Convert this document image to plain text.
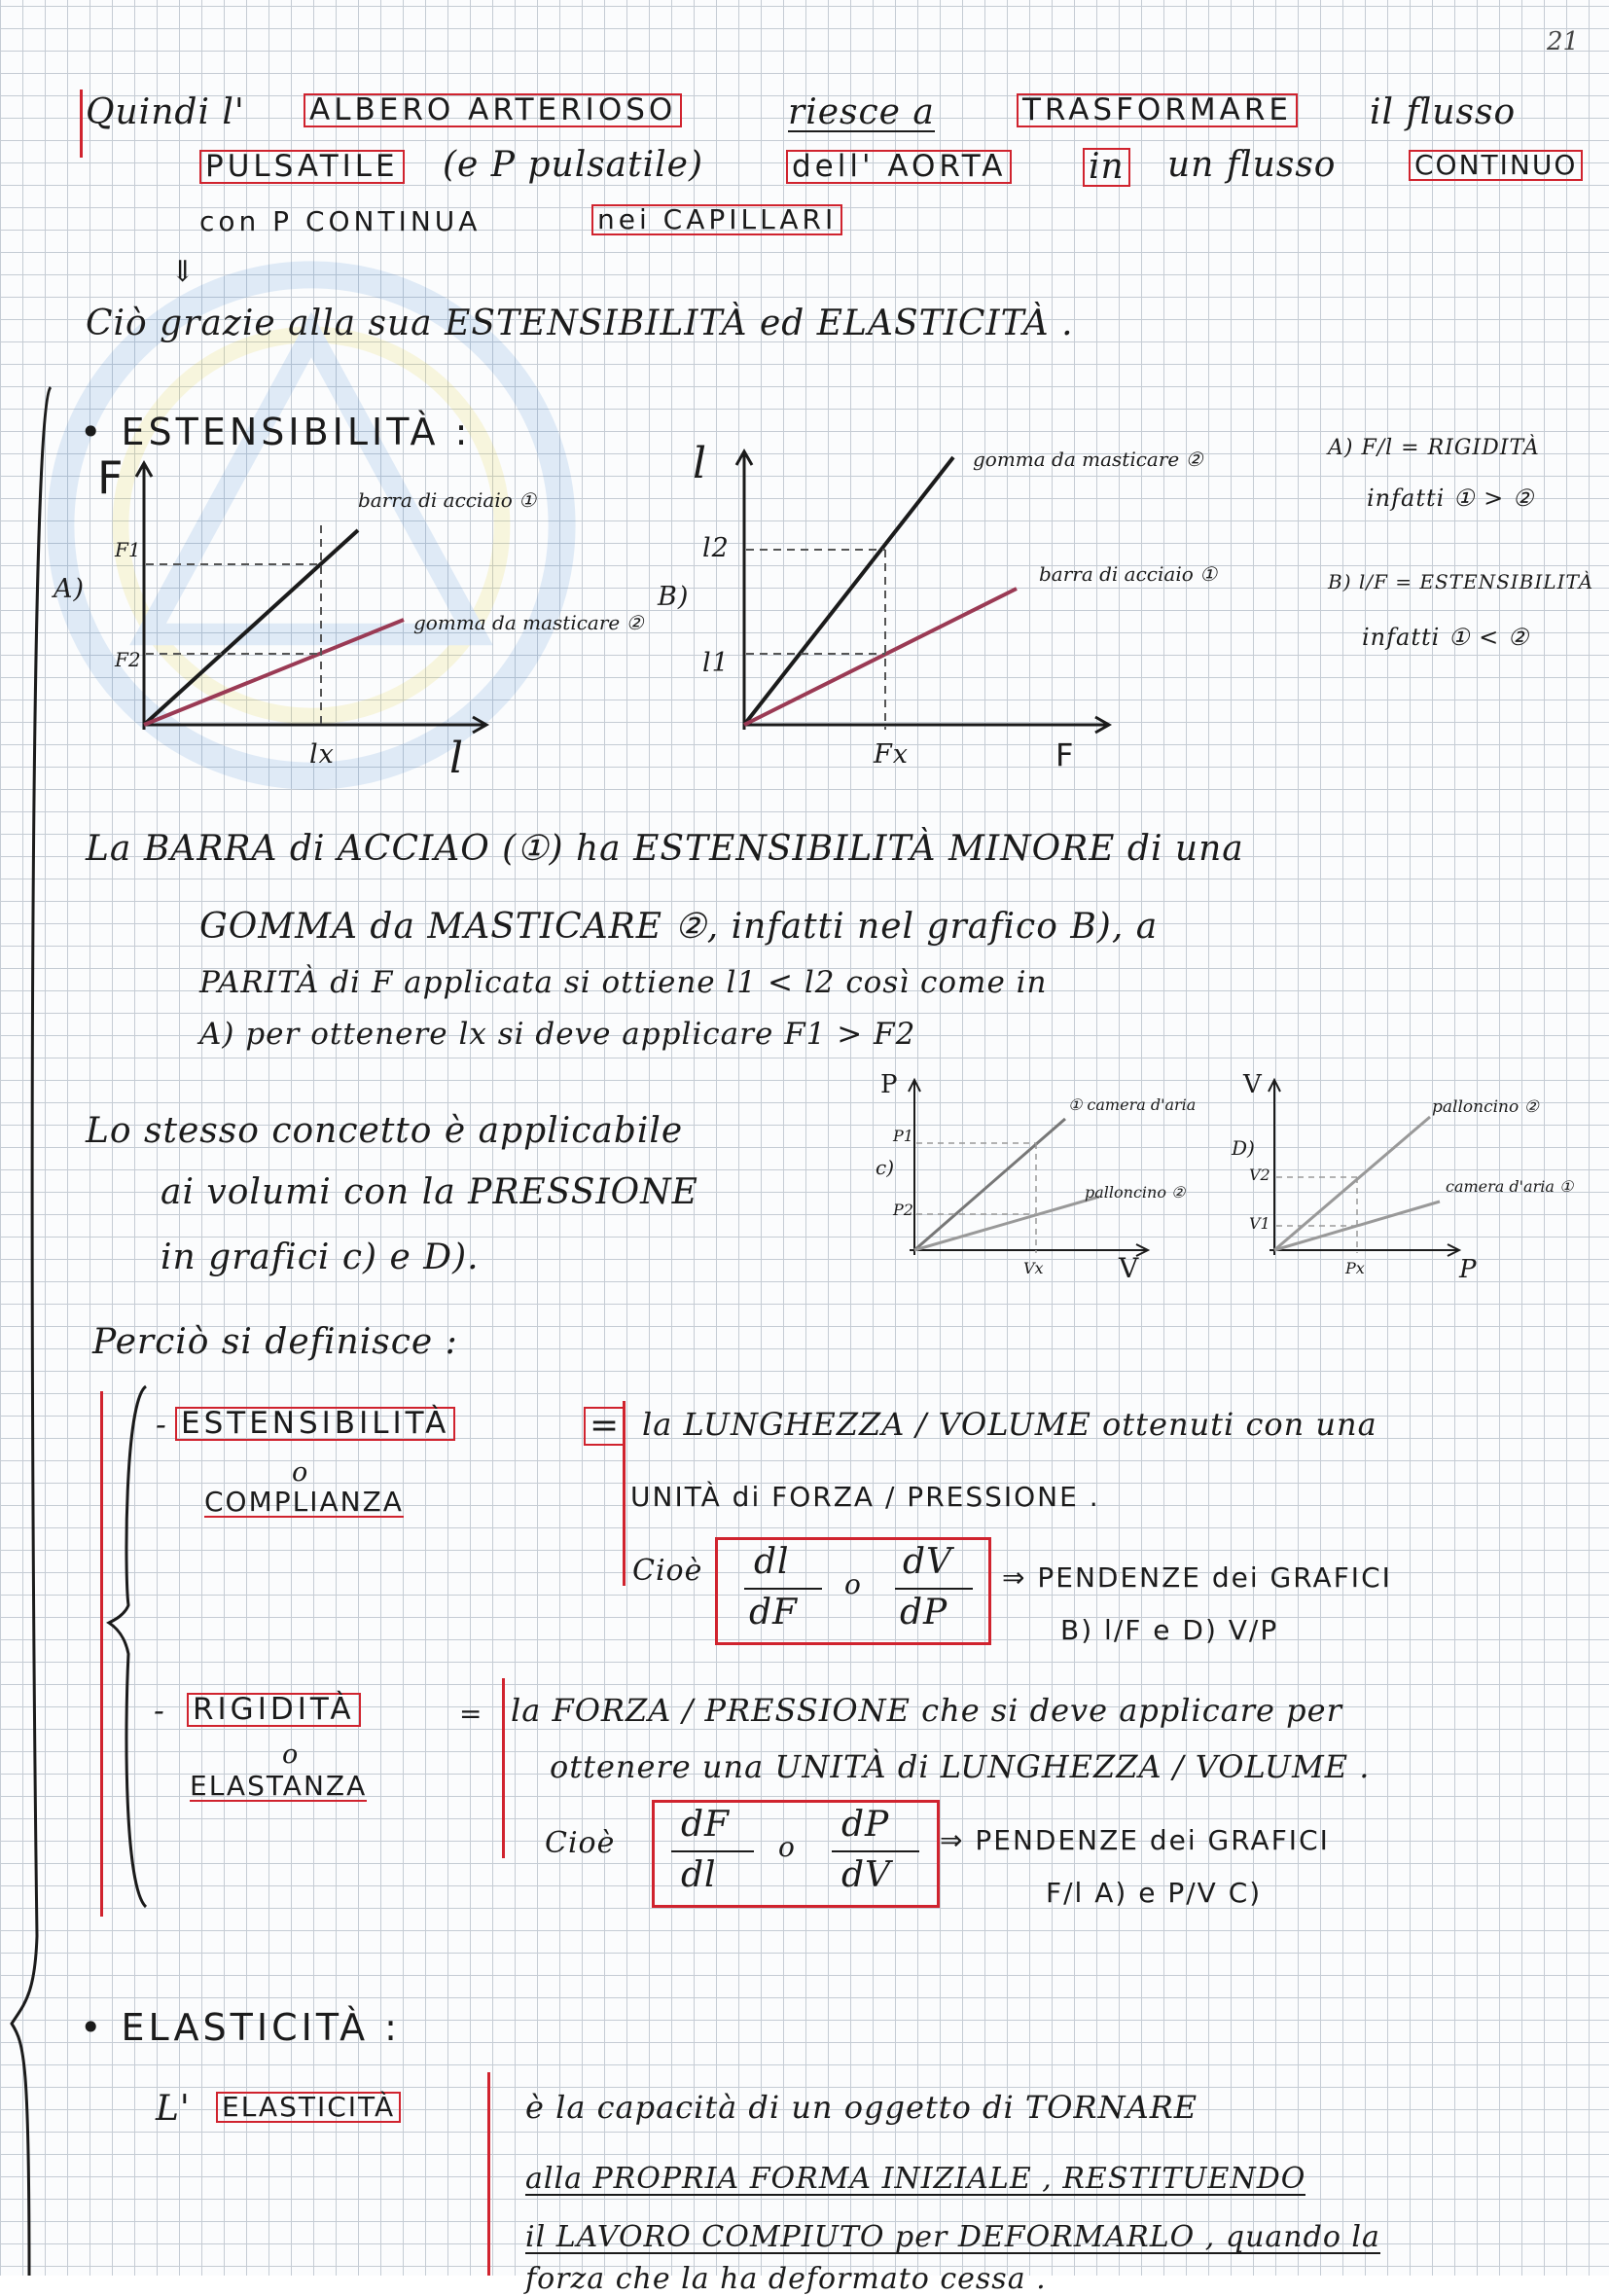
21
Quindi l' ALBERO ARTERIOSO	riesce a	TRASFORMARE il flusso
PULSATILE (e P pulsatile)	dell' AORTA in un flusso	CONTINUO
con P CONTINUA	nei CAPILLARI
⇓
Ciò grazie alla sua ESTENSIBILITÀ ed ELASTICITÀ .
• ESTENSIBILITÀ :
F
l
A)
F1
F2
lx
barra di acciaio ①
gomma da masticare ②
l
F
B)
l2
l1
Fx
gomma da masticare ②
barra di acciaio ①
A) F/l = RIGIDITÀ
infatti ① > ②
B) l/F = ESTENSIBILITÀ
infatti ① < ②
La BARRA di ACCIAO (①) ha ESTENSIBILITÀ MINORE di una
GOMMA da MASTICARE ②, infatti nel grafico B), a
PARITÀ di F applicata si ottiene l1 < l2 così come in
A) per ottenere lx si deve applicare F1 > F2
Lo stesso concetto è applicabile
ai volumi con la PRESSIONE
in grafici c) e D).
P
V
c)
P1
P2
Vx
① camera d'aria
palloncino ②
V
P
D)
V2
V1
Px
palloncino ②
camera d'aria ①
Perciò si definisce :
- ESTENSIBILITÀ	=
o
COMPLIANZA
la LUNGHEZZA / VOLUME ottenuti con una
UNITÀ di FORZA / PRESSIONE .
Cioè dl
dF
o
dV
dP
⇒ PENDENZE dei GRAFICI
B) l/F e D) V/P
- RIGIDITÀ	=
o
ELASTANZA
la FORZA / PRESSIONE che si deve applicare per
ottenere una UNITÀ di LUNGHEZZA / VOLUME .
Cioè dF
dl
o
dP
dV
⇒ PENDENZE dei GRAFICI
F/l A) e P/V C)
• ELASTICITÀ :
L' ELASTICITÀ	è la capacità di un oggetto di TORNARE
alla PROPRIA FORMA INIZIALE , RESTITUENDO
il LAVORO COMPIUTO per DEFORMARLO , quando la
forza che la ha deformato cessa .
